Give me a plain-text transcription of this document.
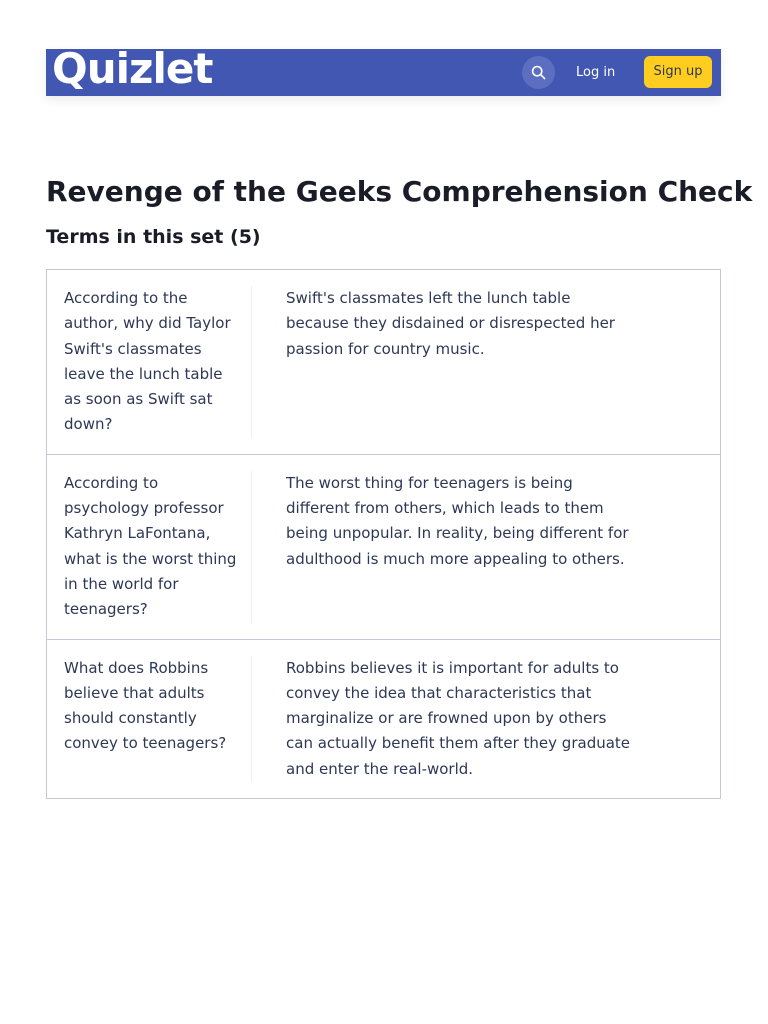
Quizlet	Log in	Sign up
Revenge of the Geeks Comprehension Check
Terms in this set (5)
According to the author, why did Taylor Swift's classmates leave the lunch table as soon as Swift sat down?
Swift's classmates left the lunch table because they disdained or disrespected her passion for country music.
According to psychology professor Kathryn LaFontana, what is the worst thing in the world for teenagers?
The worst thing for teenagers is being different from others, which leads to them being unpopular. In reality, being different for adulthood is much more appealing to others.
What does Robbins believe that adults should constantly convey to teenagers?
Robbins believes it is important for adults to convey the idea that characteristics that marginalize or are frowned upon by others can actually benefit them after they graduate and enter the real-world.
